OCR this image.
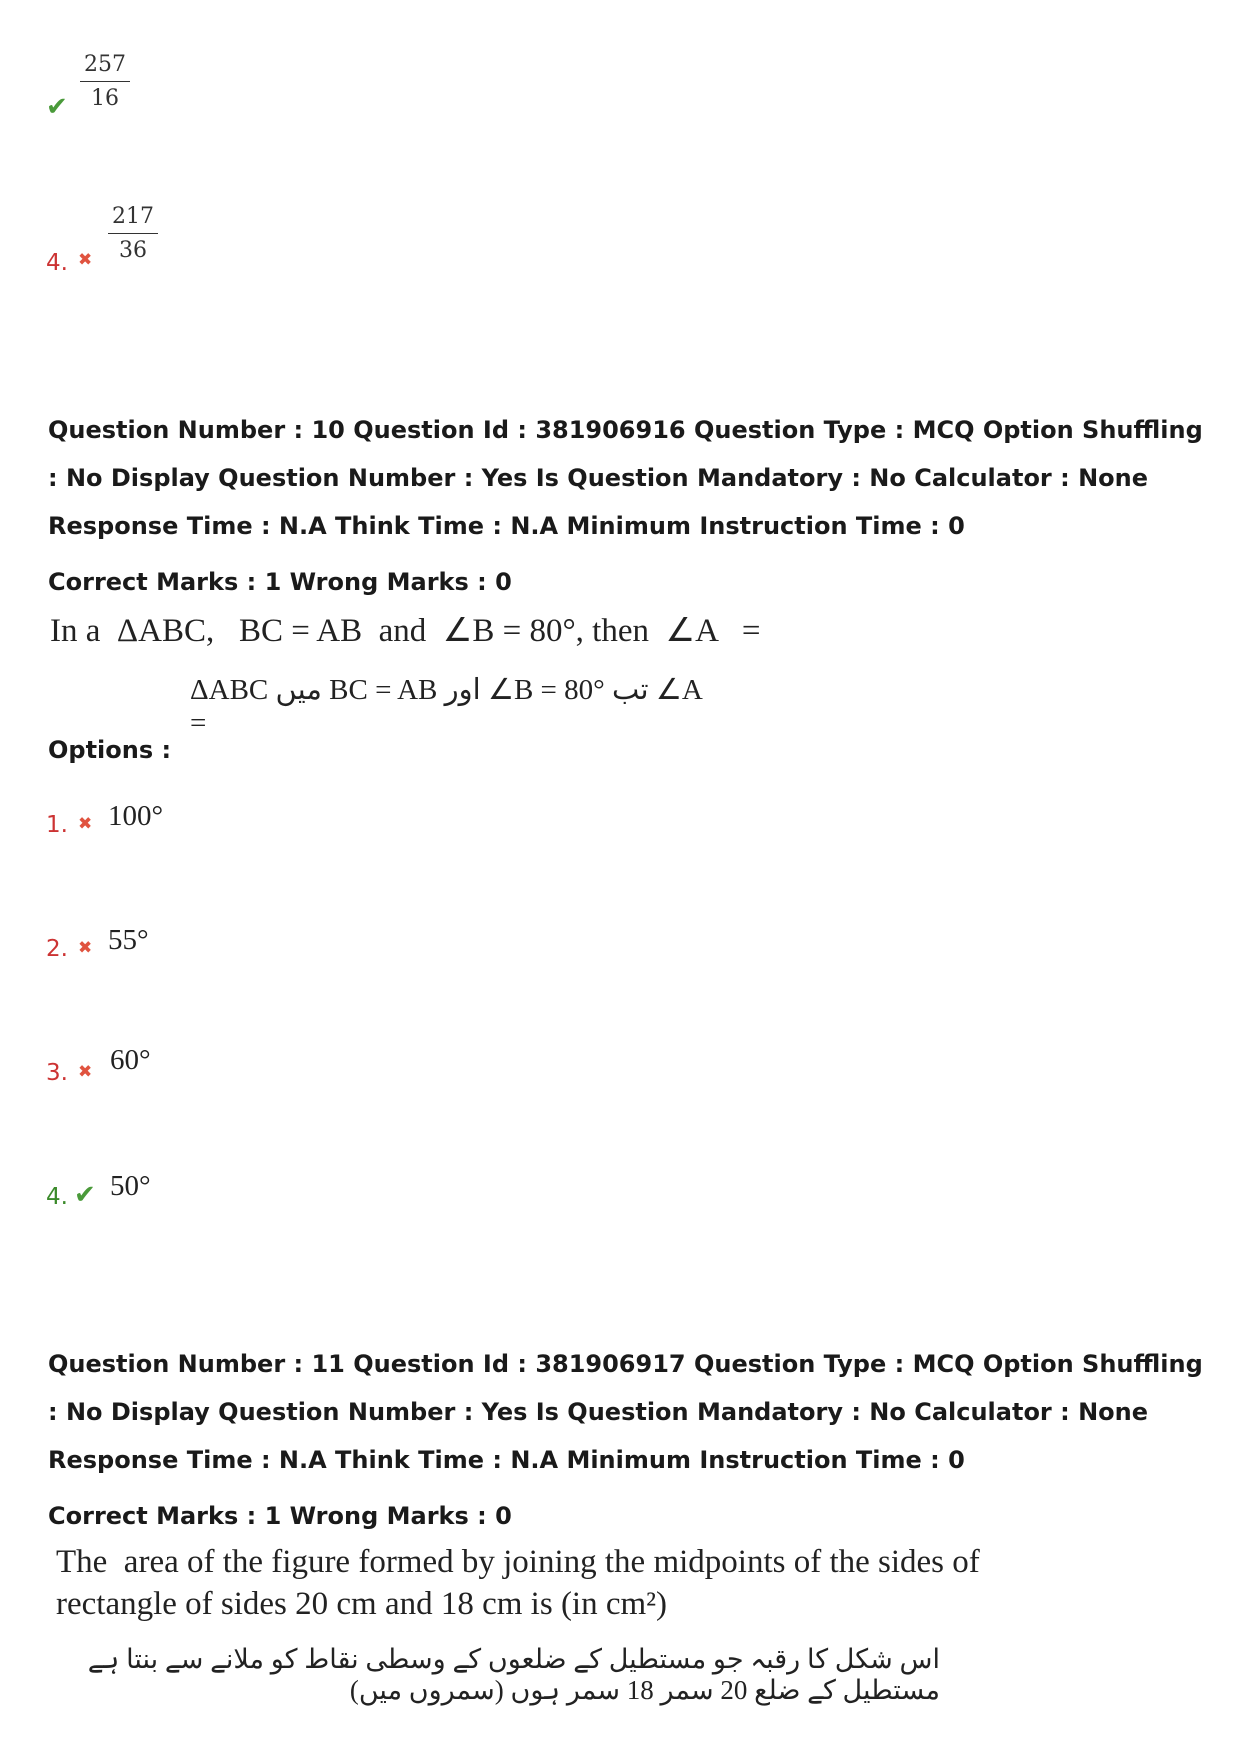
✔ $\frac{257}{16}$
4. ✖ $\frac{217}{36}$
Question Number : 10 Question Id : 381906916 Question Type : MCQ Option Shuffling : No Display Question Number : Yes Is Question Mandatory : No Calculator : None Response Time : N.A Think Time : N.A Minimum Instruction Time : 0
Correct Marks : 1 Wrong Marks : 0
In a  ΔABC,   BC = AB  and  ∠B = 80°, then  ∠A   =
ΔABC میں BC = AB اور ∠B = 80° تب ∠A =
Options :
1. ✖ 100°
2. ✖ 55°
3. ✖ 60°
4. ✔ 50°
Question Number : 11 Question Id : 381906917 Question Type : MCQ Option Shuffling : No Display Question Number : Yes Is Question Mandatory : No Calculator : None Response Time : N.A Think Time : N.A Minimum Instruction Time : 0
Correct Marks : 1 Wrong Marks : 0
The  area of the figure formed by joining the midpoints of the sides of
rectangle of sides 20 cm and 18 cm is (in cm²)
اس شکل کا رقبہ جو مستطیل کے ضلعوں کے وسطی نقاط کو ملانے سے بنتا ہے مستطیل کے ضلع 20 سمر 18 سمر ہوں (سمروں میں)
